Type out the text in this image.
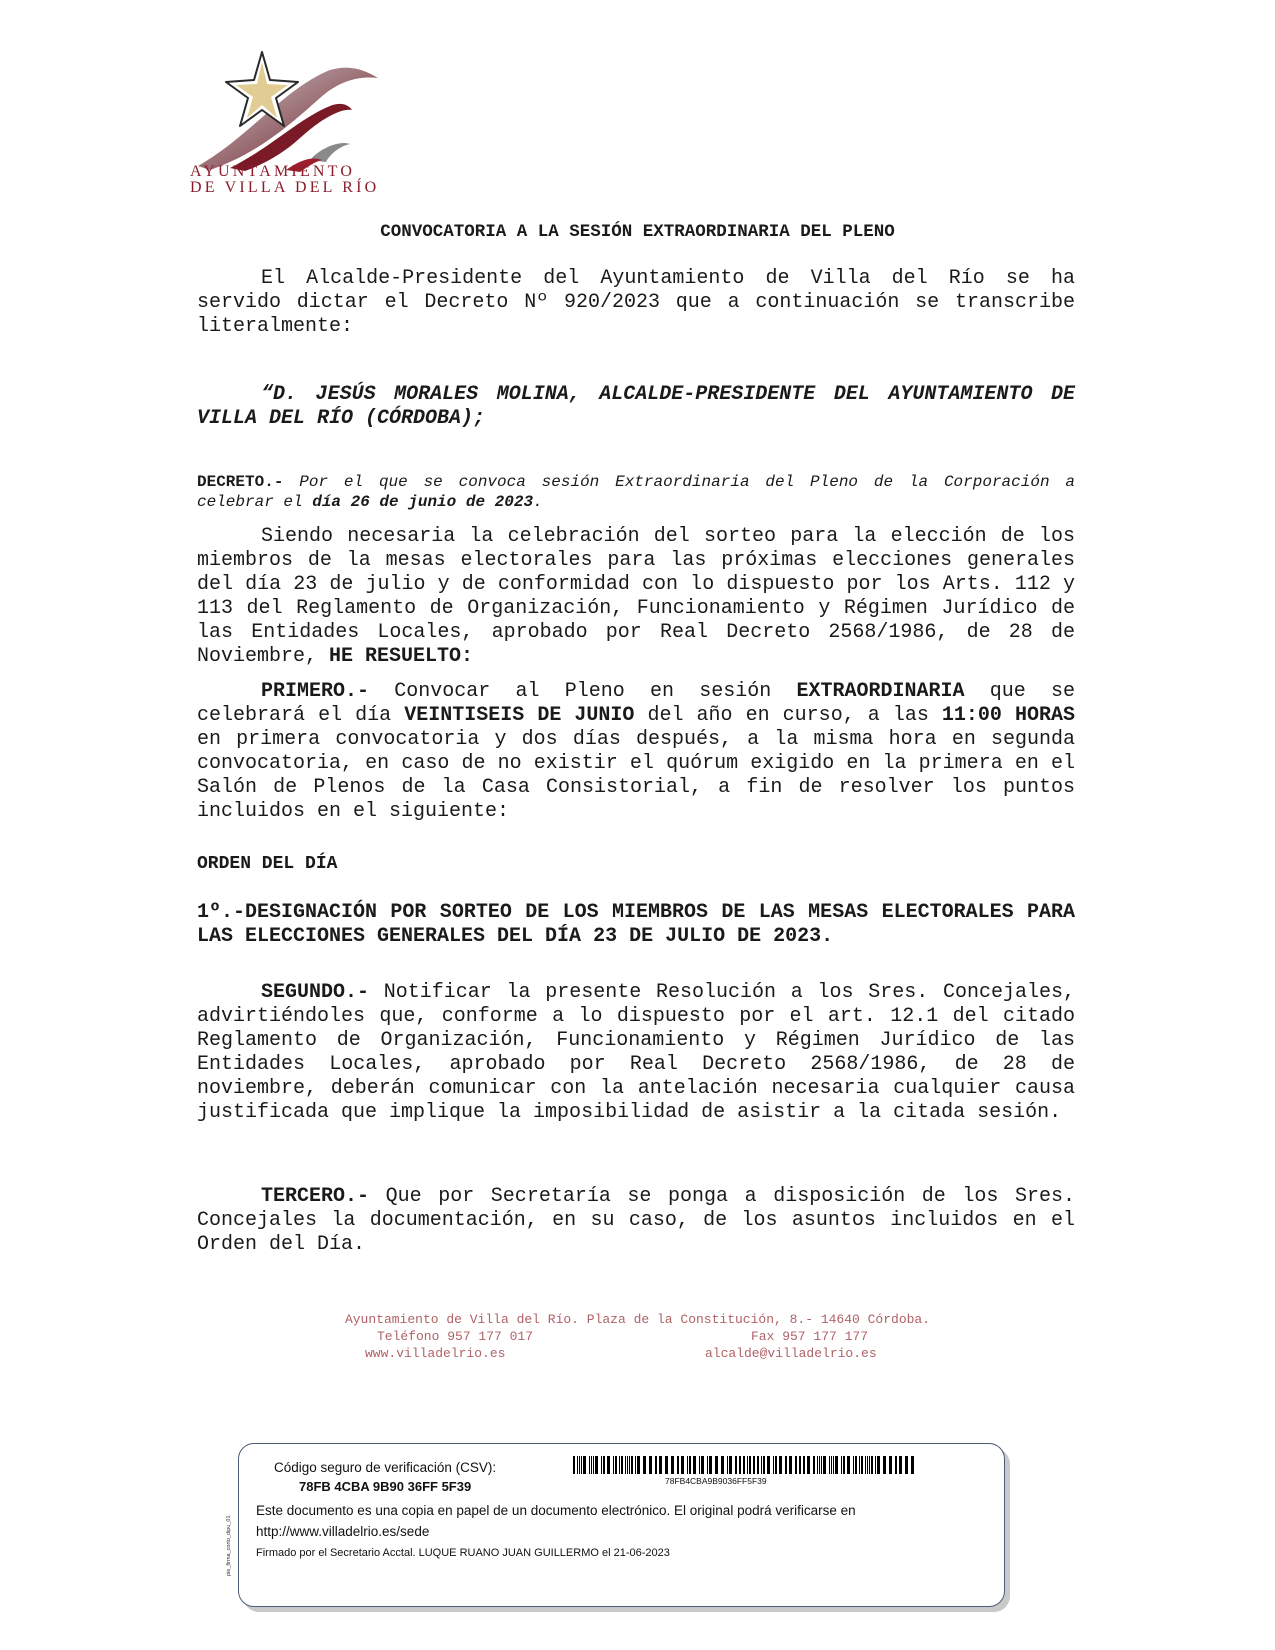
AYUNTAMIENTO
DE VILLA DEL RÍO
CONVOCATORIA A LA SESIÓN EXTRAORDINARIA DEL PLENO
El Alcalde-Presidente del Ayuntamiento de Villa del Río se ha servido dictar el Decreto Nº 920/2023 que a continuación se transcribe literalmente:
“D. JESÚS MORALES MOLINA, ALCALDE-PRESIDENTE DEL AYUNTAMIENTO DE VILLA DEL RÍO (CÓRDOBA);
DECRETO.- Por el que se convoca sesión Extraordinaria del Pleno de la Corporación a celebrar el día 26 de junio de 2023.
Siendo necesaria la celebración del sorteo para la elección de los miembros de la mesas electorales para las próximas elecciones generales del día 23 de julio y de conformidad con lo dispuesto por los Arts. 112 y 113 del Reglamento de Organización, Funcionamiento y Régimen Jurídico de las Entidades Locales, aprobado por Real Decreto 2568/1986, de 28 de Noviembre, HE RESUELTO:
PRIMERO.- Convocar al Pleno en sesión EXTRAORDINARIA que se celebrará el día VEINTISEIS DE JUNIO del año en curso, a las 11:00 HORAS en primera convocatoria y dos días después, a la misma hora en segunda convocatoria, en caso de no existir el quórum exigido en la primera en el Salón de Plenos de la Casa Consistorial, a fin de resolver los puntos incluidos en el siguiente:
ORDEN DEL DÍA
1º.-DESIGNACIÓN POR SORTEO DE LOS MIEMBROS DE LAS MESAS ELECTORALES PARA LAS ELECCIONES GENERALES DEL DÍA 23 DE JULIO DE 2023.
SEGUNDO.- Notificar la presente Resolución a los Sres. Concejales, advirtiéndoles que, conforme a lo dispuesto por el art. 12.1 del citado Reglamento de Organización, Funcionamiento y Régimen Jurídico de las Entidades Locales, aprobado por Real Decreto 2568/1986, de 28 de noviembre, deberán comunicar con la antelación necesaria cualquier causa justificada que implique la imposibilidad de asistir a la citada sesión.
TERCERO.- Que por Secretaría se ponga a disposición de los Sres. Concejales la documentación, en su caso, de los asuntos incluidos en el Orden del Día.
Ayuntamiento de Villa del Río. Plaza de la Constitución, 8.- 14640 Córdoba.
Teléfono 957 177 017	Fax 957 177 177
www.villadelrio.es	alcalde@villadelrio.es
Código seguro de verificación (CSV):
78FB 4CBA 9B90 36FF 5F39	78FB4CBA9B9036FF5F39
Este documento es una copia en papel de un documento electrónico. El original podrá verificarse en
http://www.villadelrio.es/sede
Firmado por el Secretario Acctal. LUQUE RUANO JUAN GUILLERMO el 21-06-2023
pie_firma_corto_dipu_01
